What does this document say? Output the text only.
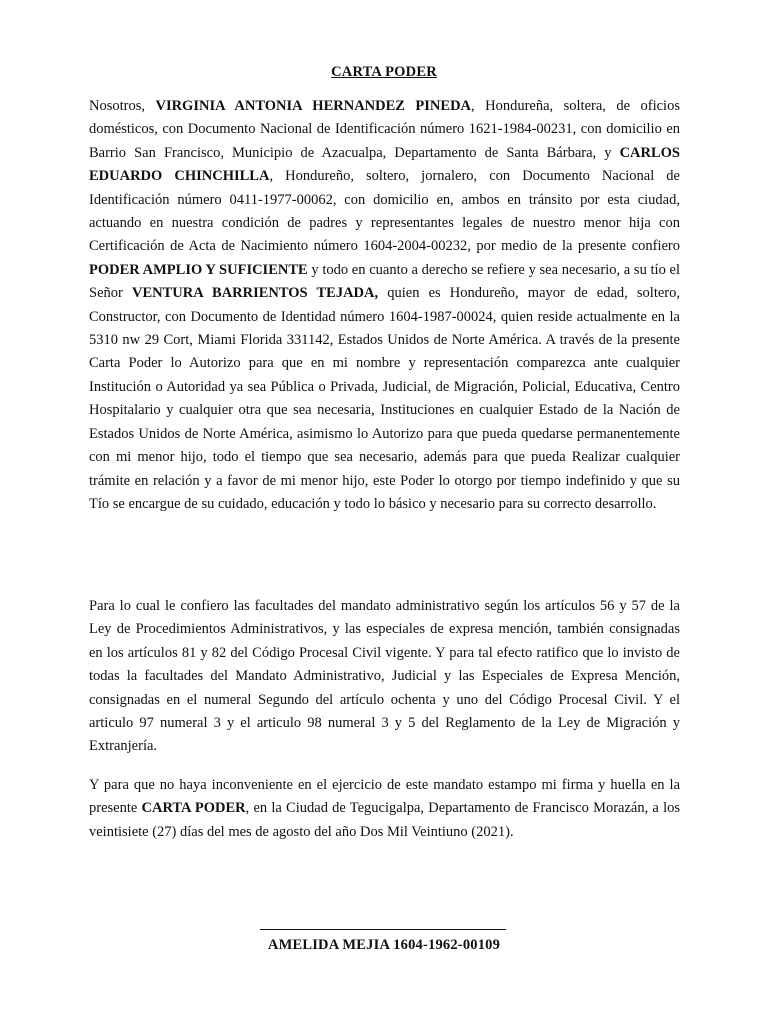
CARTA PODER

Nosotros, VIRGINIA ANTONIA HERNANDEZ PINEDA, Hondureña, soltera, de oficios domésticos, con Documento Nacional de Identificación número 1621-1984-00231, con domicilio en Barrio San Francisco, Municipio de Azacualpa, Departamento de Santa Bárbara, y CARLOS EDUARDO CHINCHILLA, Hondureño, soltero, jornalero, con Documento Nacional de Identificación número 0411-1977-00062, con domicilio en, ambos en tránsito por esta ciudad, actuando en nuestra condición de padres y representantes legales de nuestro menor hija con Certificación de Acta de Nacimiento número 1604-2004-00232, por medio de la presente confiero PODER AMPLIO Y SUFICIENTE y todo en cuanto a derecho se refiere y sea necesario, a su tío el Señor VENTURA BARRIENTOS TEJADA, quien es Hondureño, mayor de edad, soltero, Constructor, con Documento de Identidad número 1604-1987-00024, quien reside actualmente en la 5310 nw 29 Cort, Miami Florida 331142, Estados Unidos de Norte América. A través de la presente Carta Poder lo Autorizo para que en mi nombre y representación comparezca ante cualquier Institución o Autoridad ya sea Pública o Privada, Judicial, de Migración, Policial, Educativa, Centro Hospitalario y cualquier otra que sea necesaria, Instituciones en cualquier Estado de la Nación de Estados Unidos de Norte América, asimismo lo Autorizo para que pueda quedarse permanentemente con mi menor hijo, todo el tiempo que sea necesario, además para que pueda Realizar cualquier trámite en relación y a favor de mi menor hijo, este Poder lo otorgo por tiempo indefinido y que su Tío se encargue de su cuidado, educación y todo lo básico y necesario para su correcto desarrollo.

Para lo cual le confiero las facultades del mandato administrativo según los artículos 56 y 57 de la Ley de Procedimientos Administrativos, y las especiales de expresa mención, también consignadas en los artículos 81 y 82 del Código Procesal Civil vigente. Y para tal efecto ratifico que lo invisto de todas la facultades del Mandato Administrativo, Judicial y las Especiales de Expresa Mención, consignadas en el numeral Segundo del artículo ochenta y uno del Código Procesal Civil. Y el articulo 97 numeral 3 y el articulo 98 numeral 3 y 5 del Reglamento de la Ley de Migración y Extranjería.

Y para que no haya inconveniente en el ejercicio de este mandato estampo mi firma y huella en la presente CARTA PODER, en la Ciudad de Tegucigalpa, Departamento de Francisco Morazán, a los veintisiete (27) días del mes de agosto del año Dos Mil Veintiuno (2021).

AMELIDA MEJIA 1604-1962-00109
